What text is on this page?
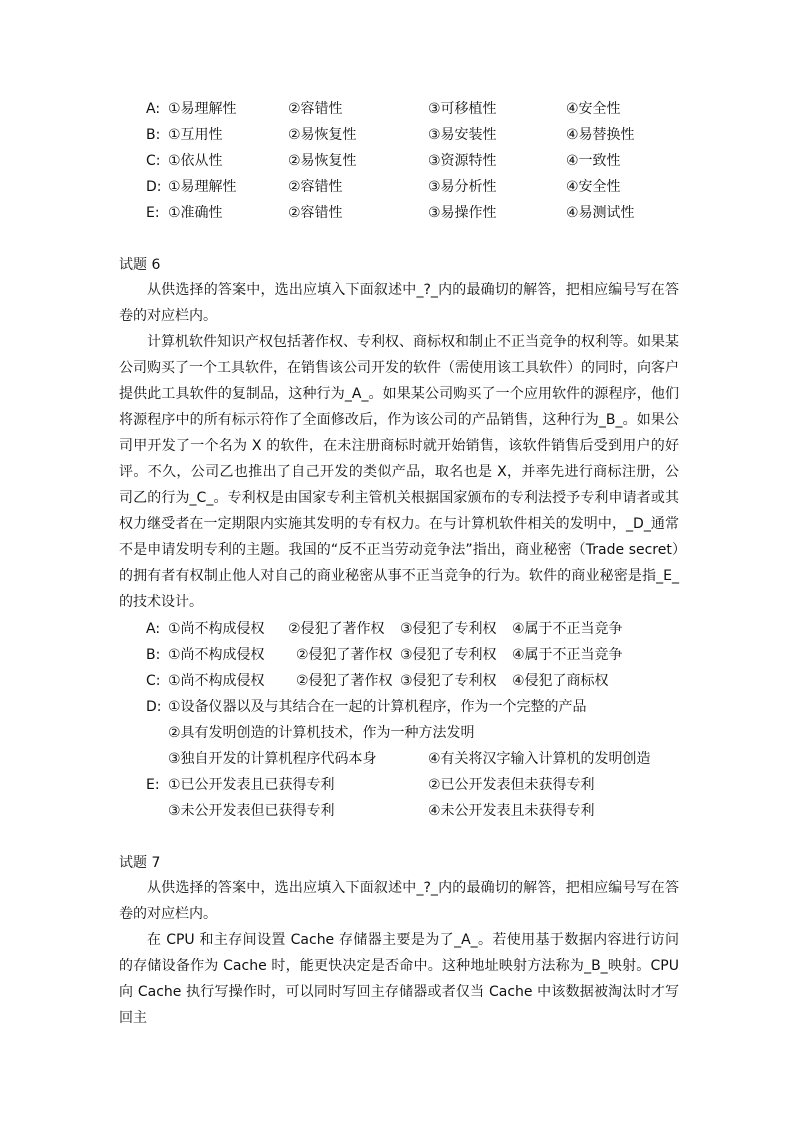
A: ①易理解性	②容错性	③可移植性	④安全性
B: ①互用性	②易恢复性	③易安装性	④易替换性
C: ①依从性	②易恢复性	③资源特性	④一致性
D: ①易理解性	②容错性	③易分析性	④安全性
E: ①准确性	②容错性	③易操作性	④易测试性
试题 6

从供选择的答案中，选出应填入下面叙述中_?_内的最确切的解答，把相应编号写在答卷的对应栏内。

计算机软件知识产权包括著作权、专利权、商标权和制止不正当竞争的权利等。如果某公司购买了一个工具软件，在销售该公司开发的软件（需使用该工具软件）的同时，向客户提供此工具软件的复制品，这种行为_A_。如果某公司购买了一个应用软件的源程序，他们将源程序中的所有标示符作了全面修改后，作为该公司的产品销售，这种行为_B_。如果公司甲开发了一个名为 X 的软件，在未注册商标时就开始销售，该软件销售后受到用户的好评。不久，公司乙也推出了自己开发的类似产品，取名也是 X，并率先进行商标注册，公司乙的行为_C_。专利权是由国家专利主管机关根据国家颁布的专利法授予专利申请者或其权力继受者在一定期限内实施其发明的专有权力。在与计算机软件相关的发明中，_D_通常不是申请发明专利的主题。我国的“反不正当劳动竞争法”指出，商业秘密（Trade secret）的拥有者有权制止他人对自己的商业秘密从事不正当竞争的行为。软件的商业秘密是指_E_的技术设计。

A: ①尚不构成侵权 ②侵犯了著作权 ③侵犯了专利权 ④属于不正当竞争
B: ①尚不构成侵权 ②侵犯了著作权 ③侵犯了专利权 ④属于不正当竞争
C: ①尚不构成侵权 ②侵犯了著作权 ③侵犯了专利权 ④侵犯了商标权
D: ①设备仪器以及与其结合在一起的计算机程序，作为一个完整的产品
②具有发明创造的计算机技术，作为一种方法发明
③独自开发的计算机程序代码本身	④有关将汉字输入计算机的发明创造
E: ①已公开发表且已获得专利	②已公开发表但未获得专利
③未公开发表但已获得专利	④未公开发表且未获得专利
试题 7

从供选择的答案中，选出应填入下面叙述中_?_内的最确切的解答，把相应编号写在答卷的对应栏内。

在 CPU 和主存间设置 Cache 存储器主要是为了_A_。若使用基于数据内容进行访问的存储设备作为 Cache 时，能更快决定是否命中。这种地址映射方法称为_B_映射。CPU 向 Cache 执行写操作时，可以同时写回主存储器或者仅当 Cache 中该数据被淘汰时才写回主
